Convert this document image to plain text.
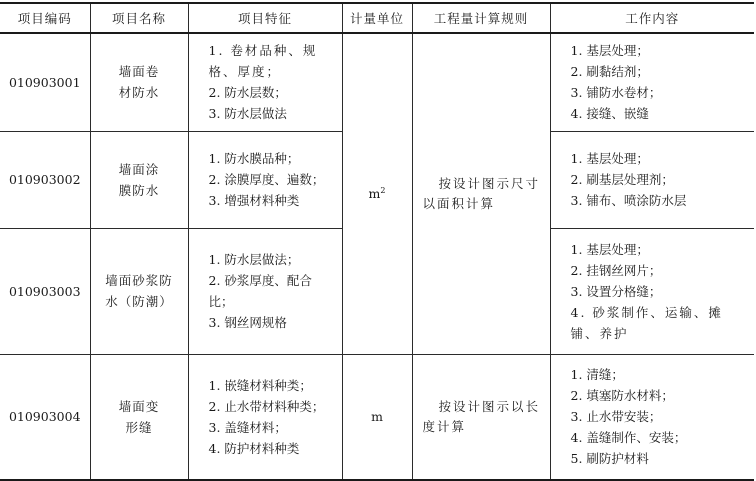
项目编码	项目名称	项目特征	计量单位	工程量计算规则	工作内容
010903001	墙面卷材防水	1. 卷材品种、规格、厚度；
2. 防水层数；
3. 防水层做法	$m^2$	按设计图示尺寸以面积计算	1. 基层处理；
2. 刷黏结剂；
3. 铺防水卷材；
4. 接缝、嵌缝

010903002	墙面涂膜防水	1. 防水膜品种；
2. 涂膜厚度、遍数；
3. 增强材料种类			1. 基层处理；
2. 刷基层处理剂；
3. 铺布、喷涂防水层

010903003	墙面砂浆防水（防潮）	1. 防水层做法；
2. 砂浆厚度、配合比；
3. 钢丝网规格			1. 基层处理；
2. 挂钢丝网片；
3. 设置分格缝；
4. 砂浆制作、运输、摊铺、养护

010903004	墙面变形缝	1. 嵌缝材料种类；
2. 止水带材料种类；
3. 盖缝材料；
4. 防护材料种类	m	按设计图示以长度计算	1. 清缝；
2. 填塞防水材料；
3. 止水带安装；
4. 盖缝制作、安装；
5. 刷防护材料
